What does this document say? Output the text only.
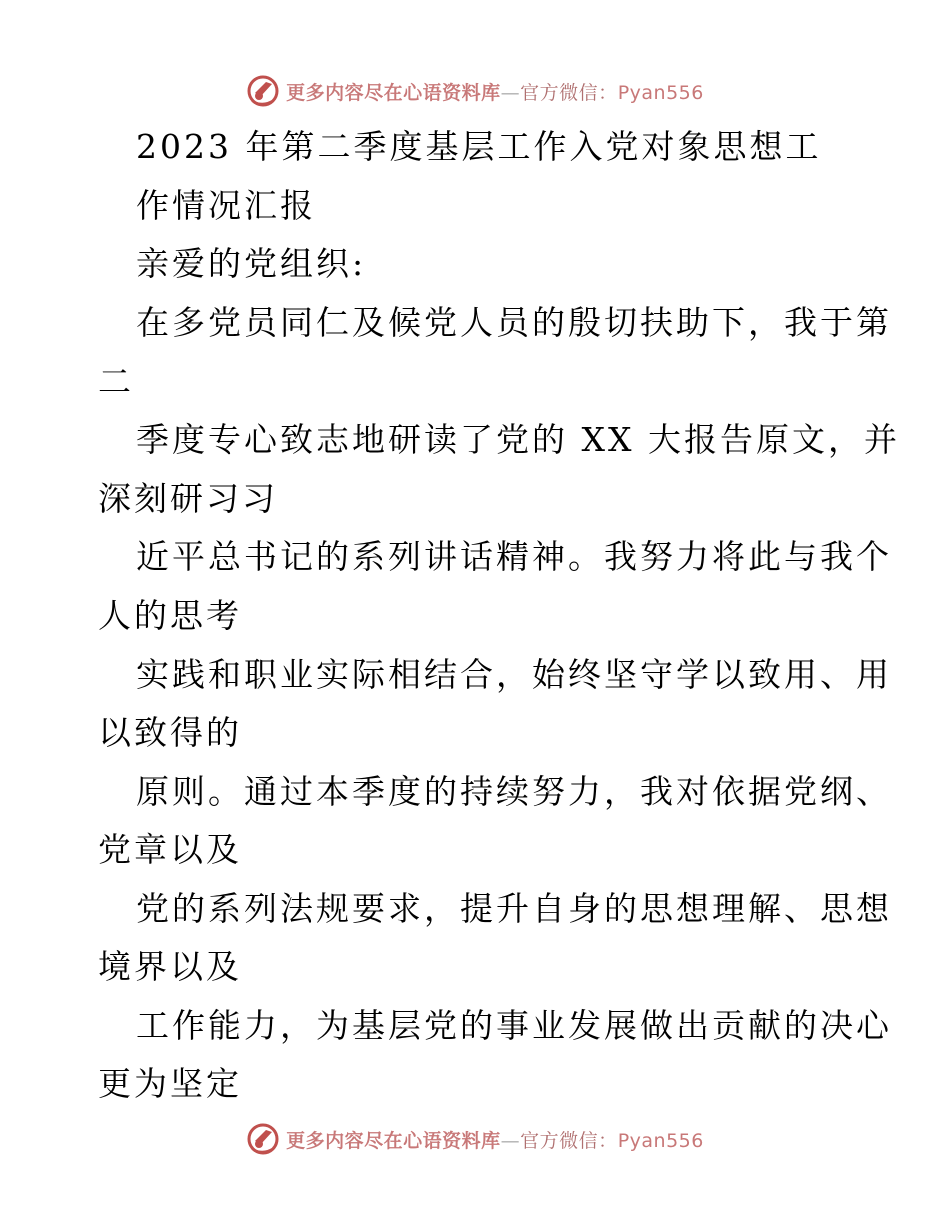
更多内容尽在心语资料库—官方微信：Pyan556
2023 年第二季度基层工作入党对象思想工
作情况汇报
亲爱的党组织:
在多党员同仁及候党人员的殷切扶助下，我于第
二
季度专心致志地研读了党的 XX 大报告原文，并
深刻研习习
近平总书记的系列讲话精神。我努力将此与我个
人的思考
实践和职业实际相结合，始终坚守学以致用、用
以致得的
原则。通过本季度的持续努力，我对依据党纲、
党章以及
党的系列法规要求，提升自身的思想理解、思想
境界以及
工作能力，为基层党的事业发展做出贡献的决心
更为坚定
更多内容尽在心语资料库—官方微信：Pyan556
